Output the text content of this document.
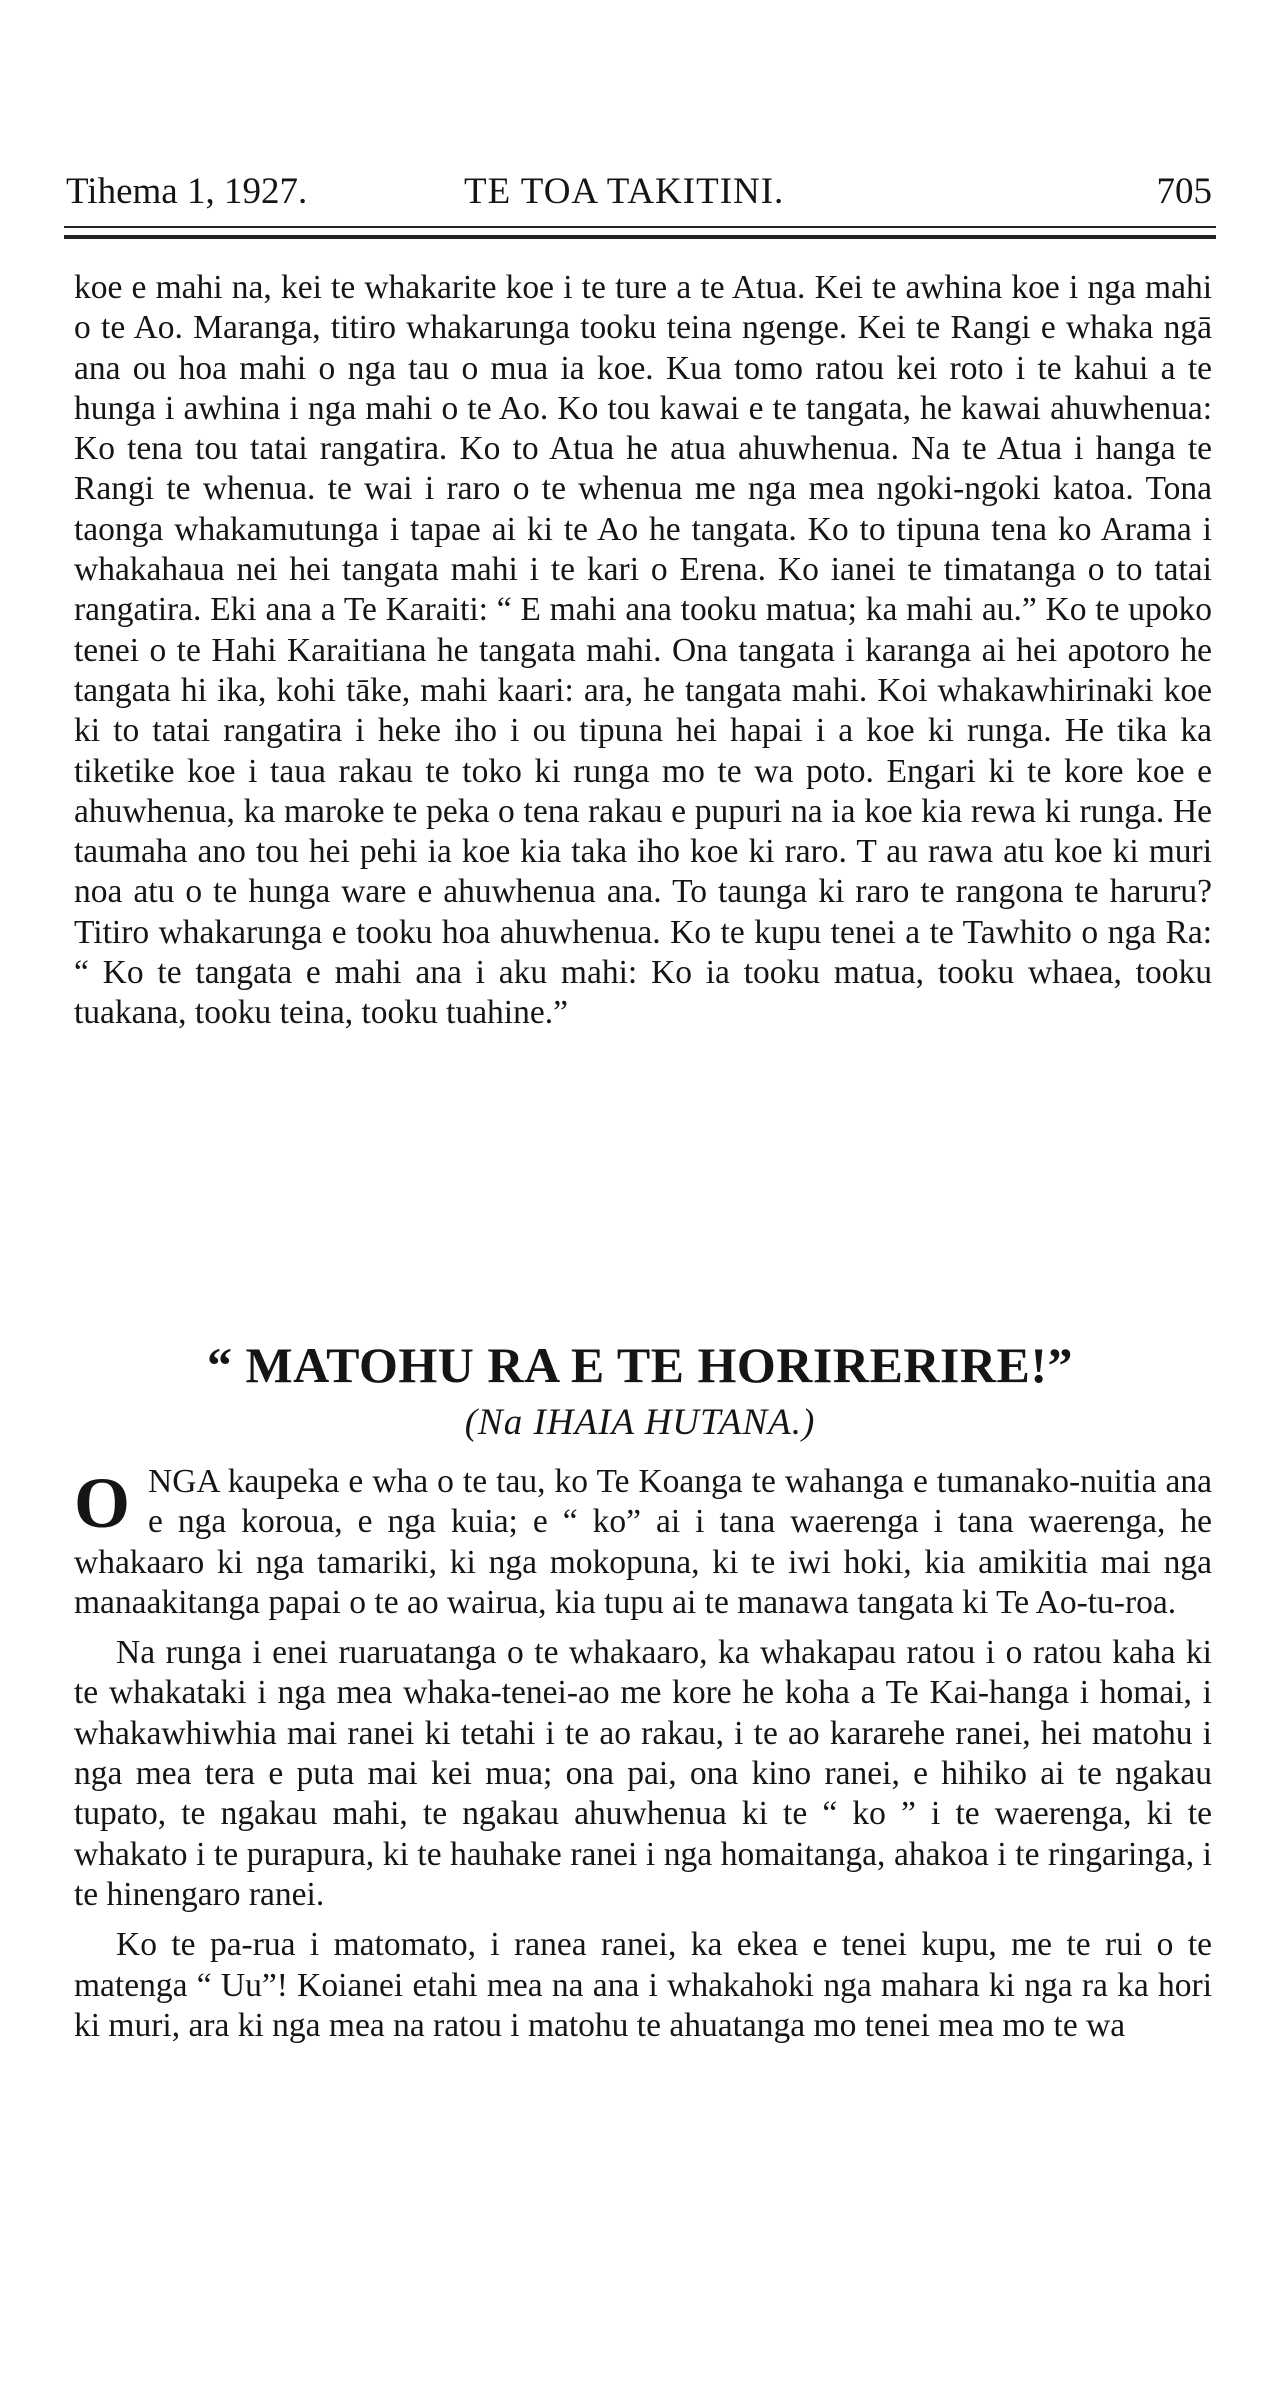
Tihema 1, 1927.	TE TOA TAKITINI.	705

koe e mahi na, kei te whakarite koe i te ture a te Atua. Kei te awhina koe i nga mahi o te Ao. Maranga, titiro whakarunga tooku teina ngenge. Kei te Rangi e whaka ngā ana ou hoa mahi o nga tau o mua ia koe. Kua tomo ratou kei roto i te kahui a te hunga i awhina i nga mahi o te Ao. Ko tou kawai e te tangata, he kawai ahuwhenua: Ko tena tou tatai rangatira. Ko to Atua he atua ahuwhenua. Na te Atua i hanga te Rangi te whenua. te wai i raro o te whenua me nga mea ngoki-ngoki katoa. Tona taonga whakamutunga i tapae ai ki te Ao he tangata. Ko to tipuna tena ko Arama i whakahaua nei hei tangata mahi i te kari o Erena. Ko ianei te timatanga o to tatai rangatira. Eki ana a Te Karaiti: “ E mahi ana tooku matua; ka mahi au.” Ko te upoko tenei o te Hahi Karaitiana he tangata mahi. Ona tangata i karanga ai hei apotoro he tangata hi ika, kohi tāke, mahi kaari: ara, he tangata mahi. Koi whakawhirinaki koe ki to tatai rangatira i heke iho i ou tipuna hei hapai i a koe ki runga. He tika ka tiketike koe i taua rakau te toko ki runga mo te wa poto. Engari ki te kore koe e ahuwhenua, ka maroke te peka o tena rakau e pupuri na ia koe kia rewa ki runga. He taumaha ano tou hei pehi ia koe kia taka iho koe ki raro. T au rawa atu koe ki muri noa atu o te hunga ware e ahuwhenua ana. To taunga ki raro te rangona te haruru? Titiro whakarunga e tooku hoa ahuwhenua. Ko te kupu tenei a te Tawhito o nga Ra: “ Ko te tangata e mahi ana i aku mahi: Ko ia tooku matua, tooku whaea, tooku tuakana, tooku teina, tooku tuahine.”

“ MATOHU RA E TE HORIRERIRE!”
(Na IHAIA HUTANA.)

ONGA kaupeka e wha o te tau, ko Te Koanga te wahanga e tumanako-nuitia ana e nga koroua, e nga kuia; e “ ko” ai i tana waerenga i tana waerenga, he whakaaro ki nga tamariki, ki nga mokopuna, ki te iwi hoki, kia amikitia mai nga manaakitanga papai o te ao wairua, kia tupu ai te manawa tangata ki Te Ao-tu-roa.

Na runga i enei ruaruatanga o te whakaaro, ka whakapau ratou i o ratou kaha ki te whakataki i nga mea whaka-tenei-ao me kore he koha a Te Kai-hanga i homai, i whakawhiwhia mai ranei ki tetahi i te ao rakau, i te ao kararehe ranei, hei matohu i nga mea tera e puta mai kei mua; ona pai, ona kino ranei, e hihiko ai te ngakau tupato, te ngakau mahi, te ngakau ahuwhenua ki te “ ko ” i te waerenga, ki te whakato i te purapura, ki te hauhake ranei i nga homaitanga, ahakoa i te ringaringa, i te hinengaro ranei.

Ko te pa-rua i matomato, i ranea ranei, ka ekea e tenei kupu, me te rui o te matenga “ Uu”! Koianei etahi mea na ana i whakahoki nga mahara ki nga ra ka hori ki muri, ara ki nga mea na ratou i matohu te ahuatanga mo tenei mea mo te wa
